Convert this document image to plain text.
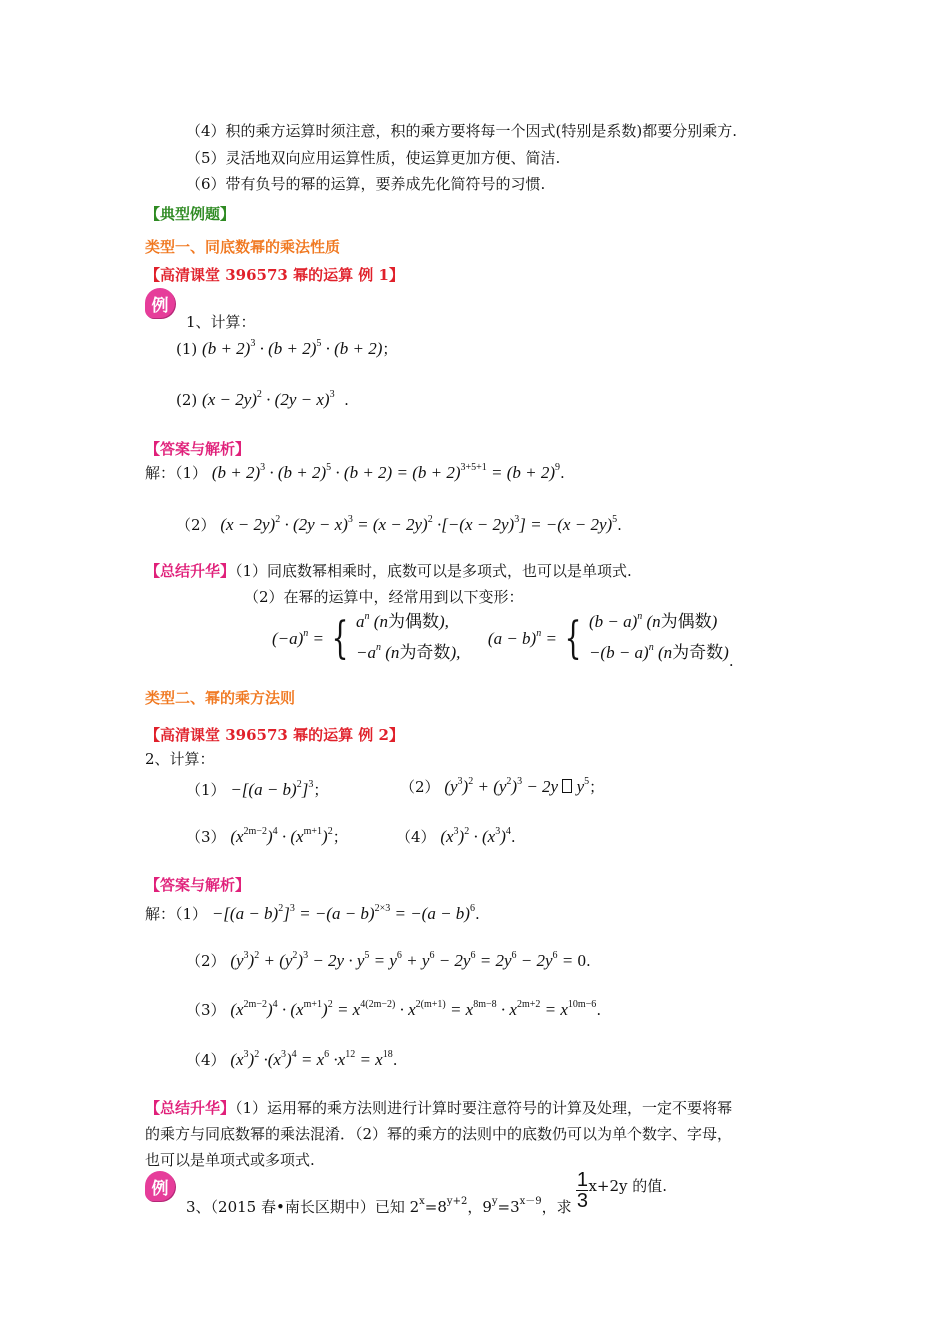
（4）积的乘方运算时须注意，积的乘方要将每一个因式(特别是系数)都要分别乘方.
（5）灵活地双向应用运算性质，使运算更加方便、简洁.
（6）带有负号的幂的运算，要养成先化简符号的习惯.
【典型例题】
类型一、同底数幂的乘法性质
【高清课堂 396573 幂的运算 例 1】
例
1、计算：
(1) $(b + 2)^3 \cdot (b + 2)^5 \cdot (b + 2)$；
(2) $(x - 2y)^2 \cdot (2y - x)^3$  .
【答案与解析】
解：（1） $(b + 2)^3 \cdot (b + 2)^5 \cdot (b + 2) = (b + 2)^{3+5+1} = (b + 2)^9$.
（2） $(x - 2y)^2 \cdot (2y - x)^3 = (x - 2y)^2 \cdot[-(x - 2y)^3] = -(x - 2y)^5$.
【总结升华】（1）同底数幂相乘时，底数可以是多项式，也可以是单项式.
（2）在幂的运算中，经常用到以下变形：
$(-a)^n$ = { $a^n$ (n为偶数),
$-a^n$ (n为奇数),

$(a - b)^n$ = { $(b - a)^n$ (n为偶数)
$-(b - a)^n$ (n为奇数) .
类型二、幂的乘方法则
【高清课堂 396573 幂的运算 例 2】
2、计算：
$(1) -[(a - b)^2]^3$；	（2） $(y^3)^2 + (y^2)^3 - 2y$  $y^5$；
（3） $(x^{2m-2})^4 \cdot (x^{m+1})^2$；	（4） $(x^3)^2 \cdot (x^3)^4$.
【答案与解析】
解：$(1) -[(a - b)^2]^3 = -(a - b)^{2\times 3} = -(a - b)^6$.
（2） $(y^3)^2 + (y^2)^3 - 2y \cdot y^5 = y^6 + y^6 - 2y^6 = 2y^6 - 2y^6 = 0$.
（3） $(x^{2m-2})^4 \cdot (x^{m+1})^2 = x^{4(2m-2)} \cdot x^{2(m+1)} = x^{8m-8} \cdot x^{2m+2} = x^{10m-6}$.
（4） $(x^3)^2 \cdot(x^3)^4 = x^6 \cdot x^{12} = x^{18}$.
【总结升华】（1）运用幂的乘方法则进行计算时要注意符号的计算及处理，一定不要将幂
的乘方与同底数幂的乘法混淆．（2）幂的乘方的法则中的底数仍可以为单个数字、字母，
也可以是单项式或多项式.
例
3、（2015 春•南长区期中）已知 $2^x=8^{y+2}$，$9^y=3^{x-9}$，求 $\frac{1}{3} x+2y$ 的值.
